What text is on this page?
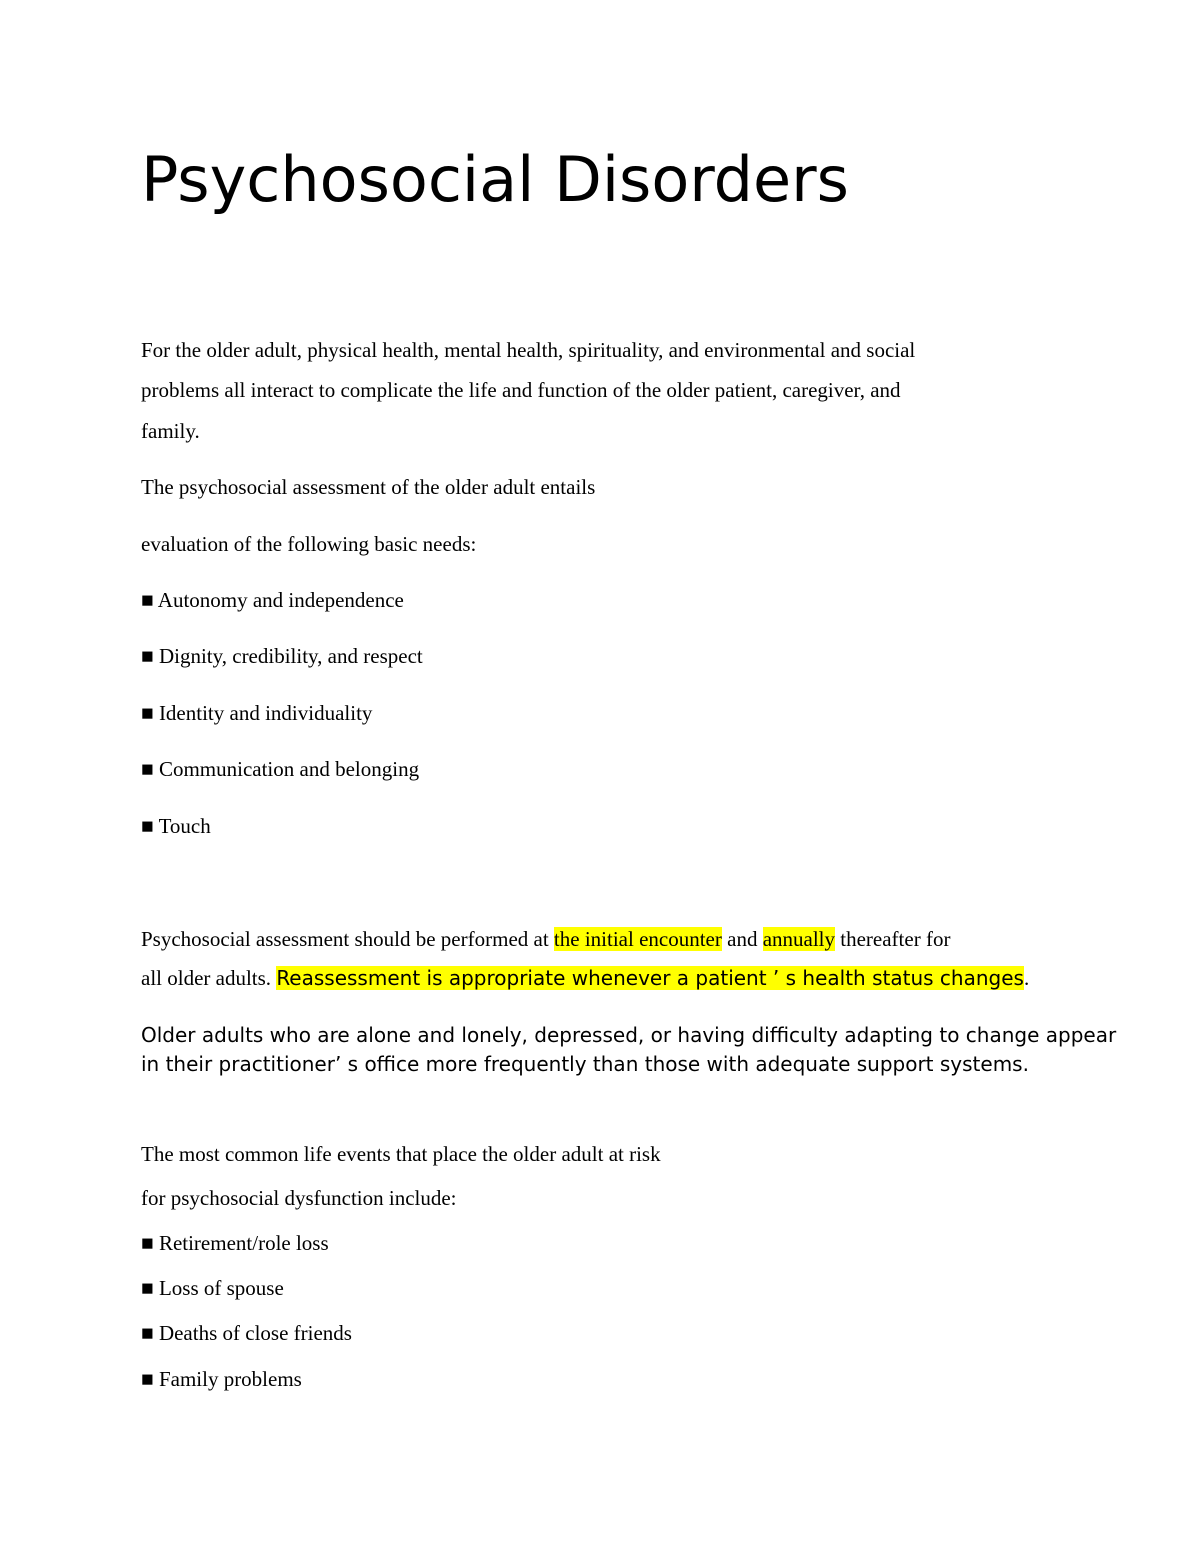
Psychosocial Disorders

For the older adult, physical health, mental health, spirituality, and environmental and social

problems all interact to complicate the life and function of the older patient, caregiver, and

family.

The psychosocial assessment of the older adult entails

evaluation of the following basic needs:

■ Autonomy and independence

■ Dignity, credibility, and respect

■ Identity and individuality

■ Communication and belonging

■ Touch

Psychosocial assessment should be performed at the initial encounter and annually thereafter for

all older adults. Reassessment is appropriate whenever a patient ’ s health status changes.

Older adults who are alone and lonely, depressed, or having difficulty adapting to change appear

in their practitioner’ s office more frequently than those with adequate support systems.

The most common life events that place the older adult at risk

for psychosocial dysfunction include:

■ Retirement/role loss

■ Loss of spouse

■ Deaths of close friends

■ Family problems
